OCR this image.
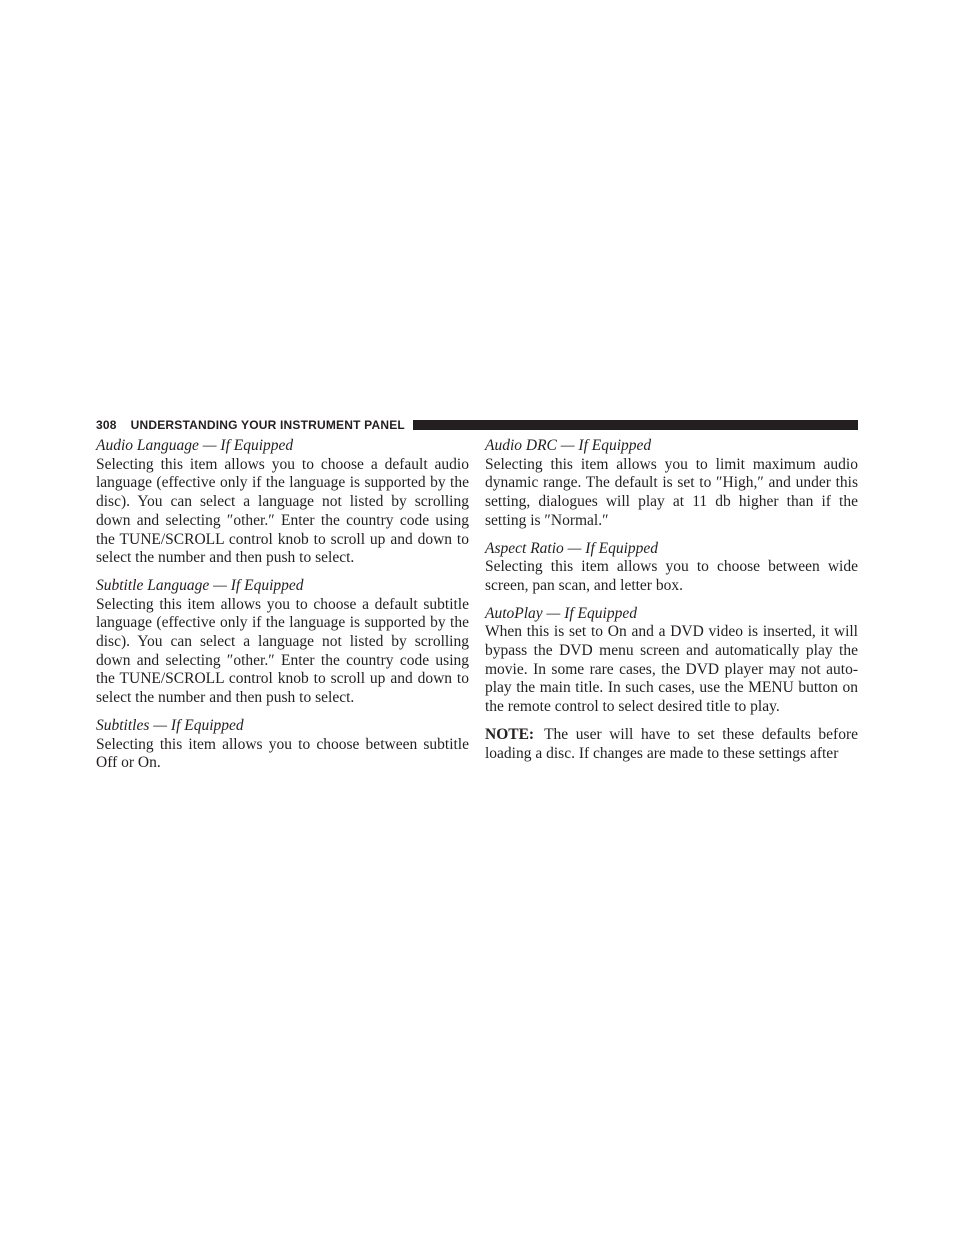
308 UNDERSTANDING YOUR INSTRUMENT PANEL
Audio Language — If Equipped

Selecting this item allows you to choose a default audio language (effective only if the language is supported by the disc). You can select a language not listed by scrolling down and selecting ″other.″ Enter the country code using the TUNE/SCROLL control knob to scroll up and down to select the number and then push to select.

Subtitle Language — If Equipped

Selecting this item allows you to choose a default subtitle language (effective only if the language is supported by the disc). You can select a language not listed by scrolling down and selecting ″other.″ Enter the country code using the TUNE/SCROLL control knob to scroll up and down to select the number and then push to select.

Subtitles — If Equipped

Selecting this item allows you to choose between subtitle Off or On.

Audio DRC — If Equipped

Selecting this item allows you to limit maximum audio dynamic range. The default is set to ″High,″ and under this setting, dialogues will play at 11 db higher than if the setting is ″Normal.″

Aspect Ratio — If Equipped

Selecting this item allows you to choose between wide screen, pan scan, and letter box.

AutoPlay — If Equipped

When this is set to On and a DVD video is inserted, it will bypass the DVD menu screen and automatically play the movie. In some rare cases, the DVD player may not auto-play the main title. In such cases, use the MENU button on the remote control to select desired title to play.

NOTE: The user will have to set these defaults before loading a disc. If changes are made to these settings after
